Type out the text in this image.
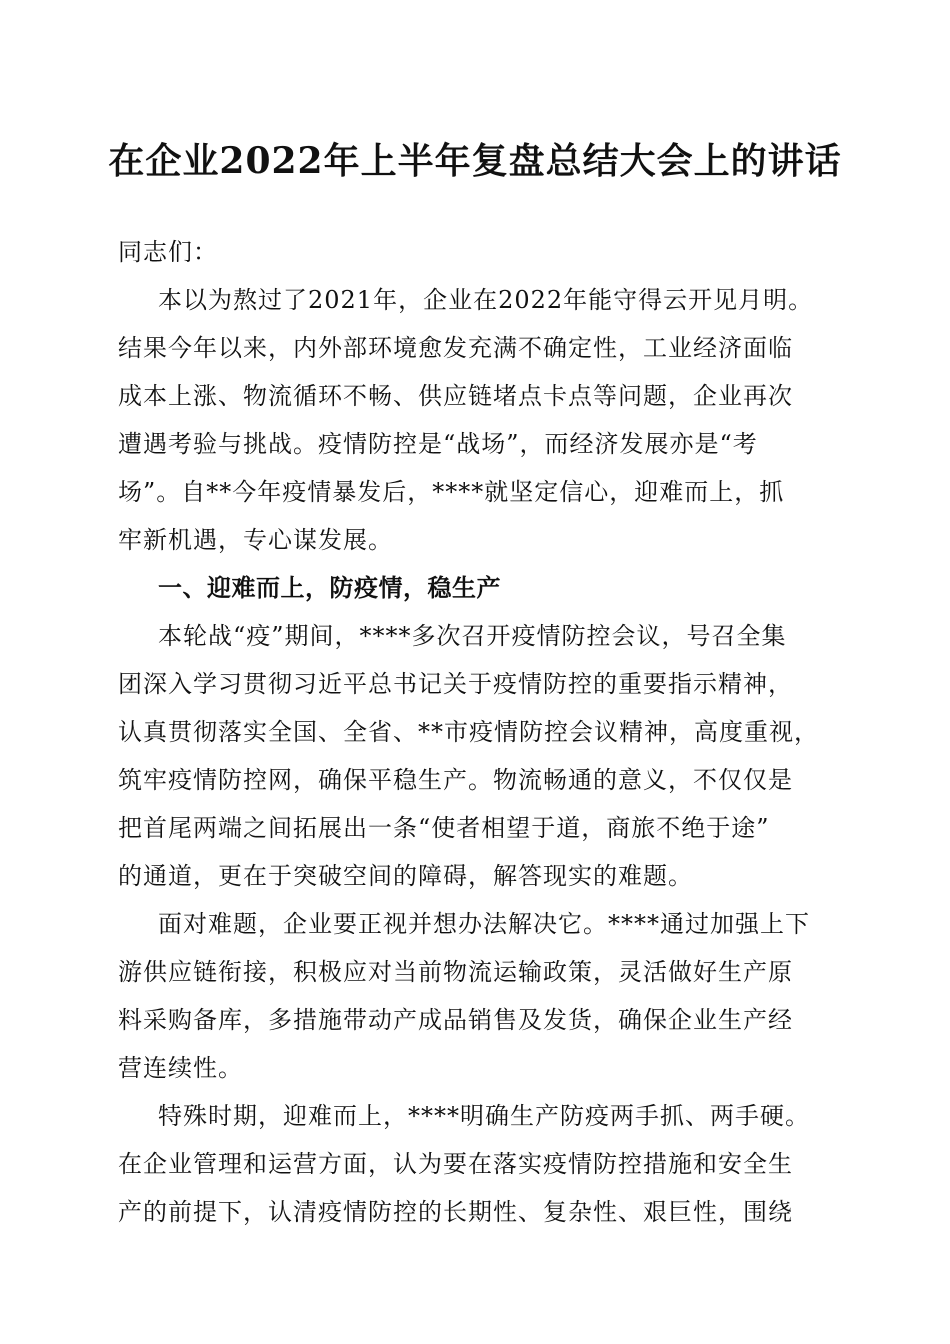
在企业2022年上半年复盘总结大会上的讲话
同志们：
本以为熬过了2021年，企业在2022年能守得云开见月明。
结果今年以来，内外部环境愈发充满不确定性，工业经济面临
成本上涨、物流循环不畅、供应链堵点卡点等问题，企业再次
遭遇考验与挑战。疫情防控是“战场”，而经济发展亦是“考
场”。自**今年疫情暴发后，****就坚定信心，迎难而上，抓
牢新机遇，专心谋发展。
一、迎难而上，防疫情，稳生产
本轮战“疫”期间，****多次召开疫情防控会议，号召全集
团深入学习贯彻习近平总书记关于疫情防控的重要指示精神，
认真贯彻落实全国、全省、**市疫情防控会议精神，高度重视，
筑牢疫情防控网，确保平稳生产。物流畅通的意义，不仅仅是
把首尾两端之间拓展出一条“使者相望于道，商旅不绝于途”
的通道，更在于突破空间的障碍，解答现实的难题。
面对难题，企业要正视并想办法解决它。****通过加强上下
游供应链衔接，积极应对当前物流运输政策，灵活做好生产原
料采购备库，多措施带动产成品销售及发货，确保企业生产经
营连续性。
特殊时期，迎难而上，****明确生产防疫两手抓、两手硬。
在企业管理和运营方面，认为要在落实疫情防控措施和安全生
产的前提下，认清疫情防控的长期性、复杂性、艰巨性，围绕
